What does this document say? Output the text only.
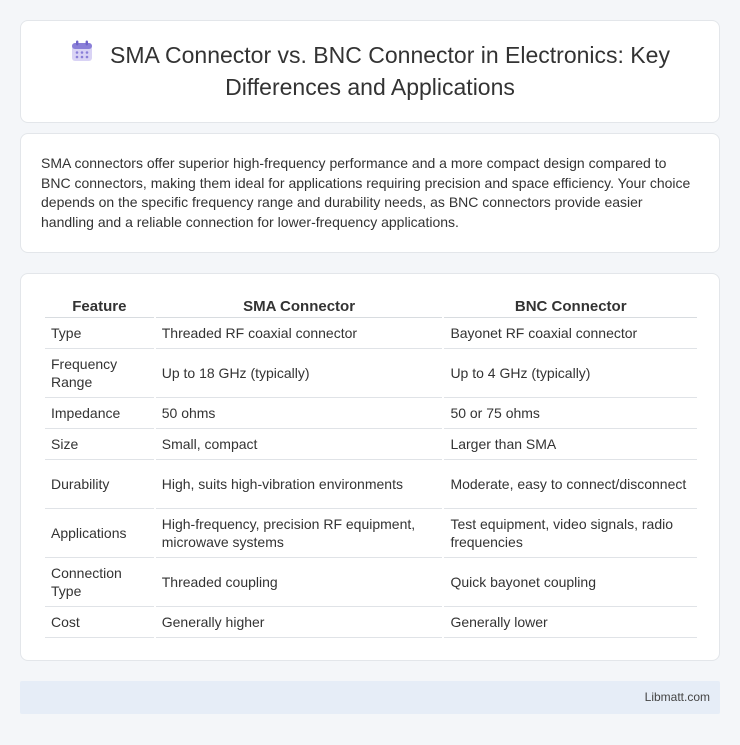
SMA Connector vs. BNC Connector in Electronics: Key Differences and Applications

SMA connectors offer superior high-frequency performance and a more compact design compared to BNC connectors, making them ideal for applications requiring precision and space efficiency. Your choice depends on the specific frequency range and durability needs, as BNC connectors provide easier handling and a reliable connection for lower-frequency applications.

Feature	SMA Connector	BNC Connector
Type	Threaded RF coaxial connector	Bayonet RF coaxial connector
Frequency Range	Up to 18 GHz (typically)	Up to 4 GHz (typically)
Impedance	50 ohms	50 or 75 ohms
Size	Small, compact	Larger than SMA
Durability	High, suits high-vibration environments	Moderate, easy to connect/disconnect
Applications	High-frequency, precision RF equipment, microwave systems	Test equipment, video signals, radio frequencies
Connection Type	Threaded coupling	Quick bayonet coupling
Cost	Generally higher	Generally lower
Libmatt.com
